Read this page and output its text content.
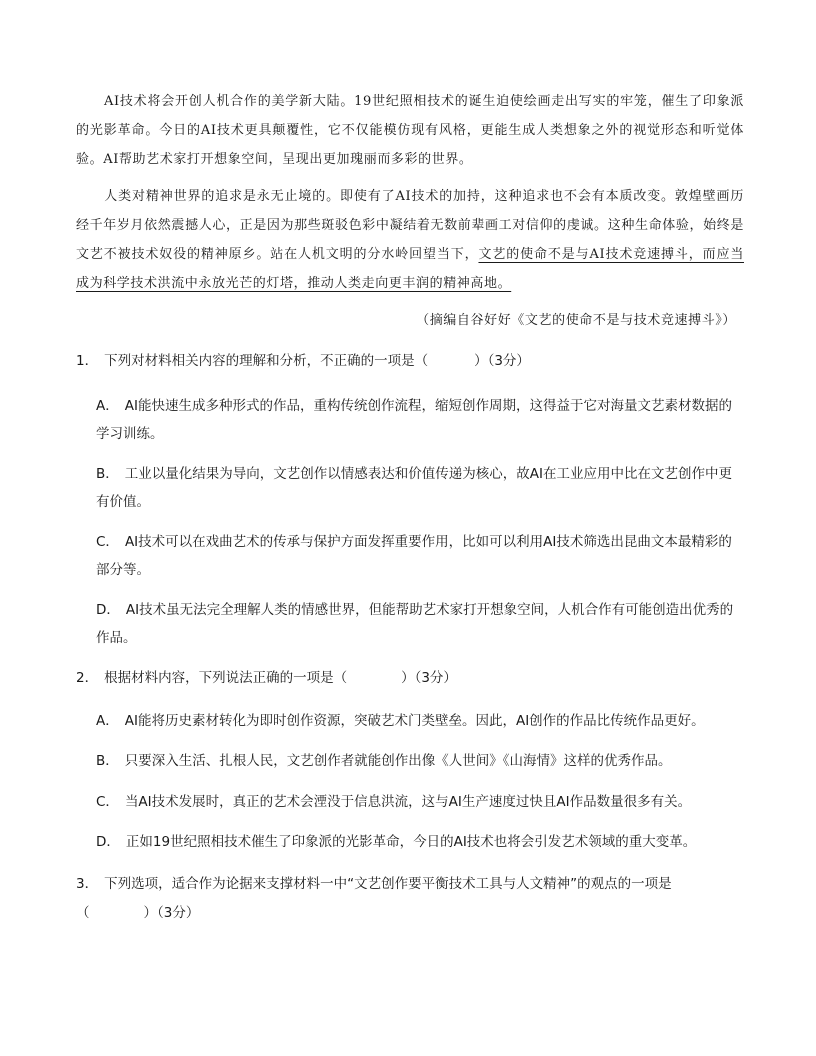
AI技术将会开创人机合作的美学新大陆。19世纪照相技术的诞生迫使绘画走出写实的牢笼，催生了印象派的光影革命。今日的AI技术更具颠覆性，它不仅能模仿现有风格，更能生成人类想象之外的视觉形态和听觉体验。AI帮助艺术家打开想象空间，呈现出更加瑰丽而多彩的世界。

人类对精神世界的追求是永无止境的。即使有了AI技术的加持，这种追求也不会有本质改变。敦煌壁画历经千年岁月依然震撼人心，正是因为那些斑驳色彩中凝结着无数前辈画工对信仰的虔诚。这种生命体验，始终是文艺不被技术奴役的精神原乡。站在人机文明的分水岭回望当下，文艺的使命不是与AI技术竞速搏斗，而应当成为科学技术洪流中永放光芒的灯塔，推动人类走向更丰润的精神高地。

（摘编自谷好好《文艺的使命不是与技术竞速搏斗》）

1． 下列对材料相关内容的理解和分析，不正确的一项是（	）（3分）

A． AI能快速生成多种形式的作品，重构传统创作流程，缩短创作周期，这得益于它对海量文艺素材数据的学习训练。

B． 工业以量化结果为导向，文艺创作以情感表达和价值传递为核心，故AI在工业应用中比在文艺创作中更有价值。

C． AI技术可以在戏曲艺术的传承与保护方面发挥重要作用，比如可以利用AI技术筛选出昆曲文本最精彩的部分等。

D． AI技术虽无法完全理解人类的情感世界，但能帮助艺术家打开想象空间，人机合作有可能创造出优秀的作品。

2． 根据材料内容，下列说法正确的一项是（	）（3分）

A． AI能将历史素材转化为即时创作资源，突破艺术门类壁垒。因此，AI创作的作品比传统作品更好。

B． 只要深入生活、扎根人民，文艺创作者就能创作出像《人世间》《山海情》这样的优秀作品。

C． 当AI技术发展时，真正的艺术会湮没于信息洪流，这与AI生产速度过快且AI作品数量很多有关。

D． 正如19世纪照相技术催生了印象派的光影革命，今日的AI技术也将会引发艺术领域的重大变革。

3． 下列选项，适合作为论据来支撑材料一中“文艺创作要平衡技术工具与人文精神”的观点的一项是
（	）（3分）
